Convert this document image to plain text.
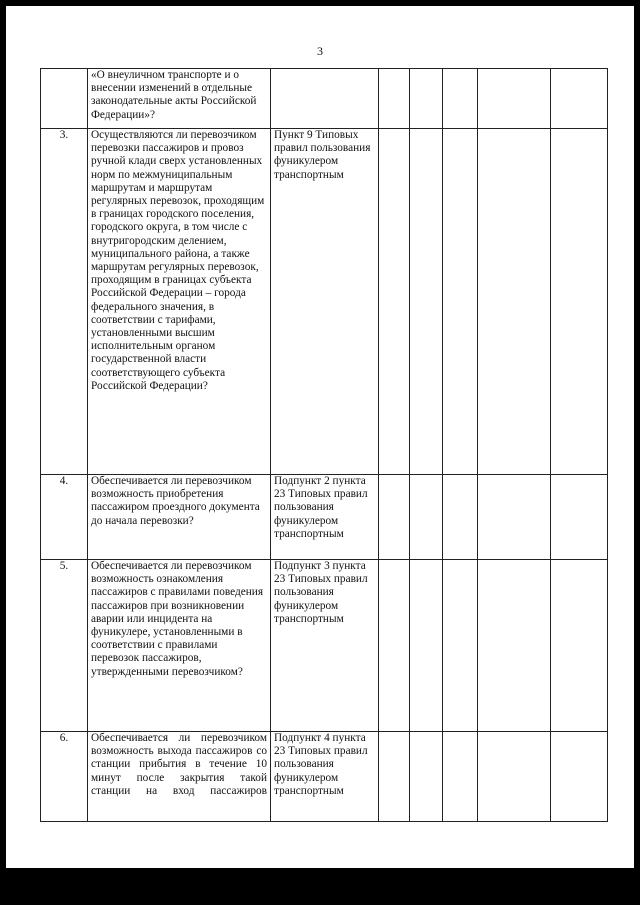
3
	«О внеуличном транспорте и о внесении изменений в отдельные законодательные акты Российской Федерации»?						
3.	Осуществляются ли перевозчиком перевозки пассажиров и провоз ручной клади сверх установленных норм по межмуниципальным маршрутам и маршрутам регулярных перевозок, проходящим в границах городского поселения, городского округа, в том числе с внутригородским делением, муниципального района, а также маршрутам регулярных перевозок, проходящим в границах субъекта Российской Федерации – города федерального значения, в соответствии с тарифами, установленными высшим исполнительным органом государственной власти соответствующего субъекта Российской Федерации?	Пункт 9 Типовых правил пользования фуникулером транспортным					
4.	Обеспечивается ли перевозчиком возможность приобретения пассажиром проездного документа до начала перевозки?	Подпункт 2 пункта 23 Типовых правил пользования фуникулером транспортным					
5.	Обеспечивается ли перевозчиком возможность ознакомления пассажиров с правилами поведения пассажиров при возникновении аварии или инцидента на фуникулере, установленными в соответствии с правилами перевозок пассажиров, утвержденными перевозчиком?	Подпункт 3 пункта 23 Типовых правил пользования фуникулером транспортным					
6.	Обеспечивается ли перевозчиком возможность выхода пассажиров со станции прибытия в течение 10 минут после закрытия такой станции на вход пассажиров	Подпункт 4 пункта 23 Типовых правил пользования фуникулером транспортным					
